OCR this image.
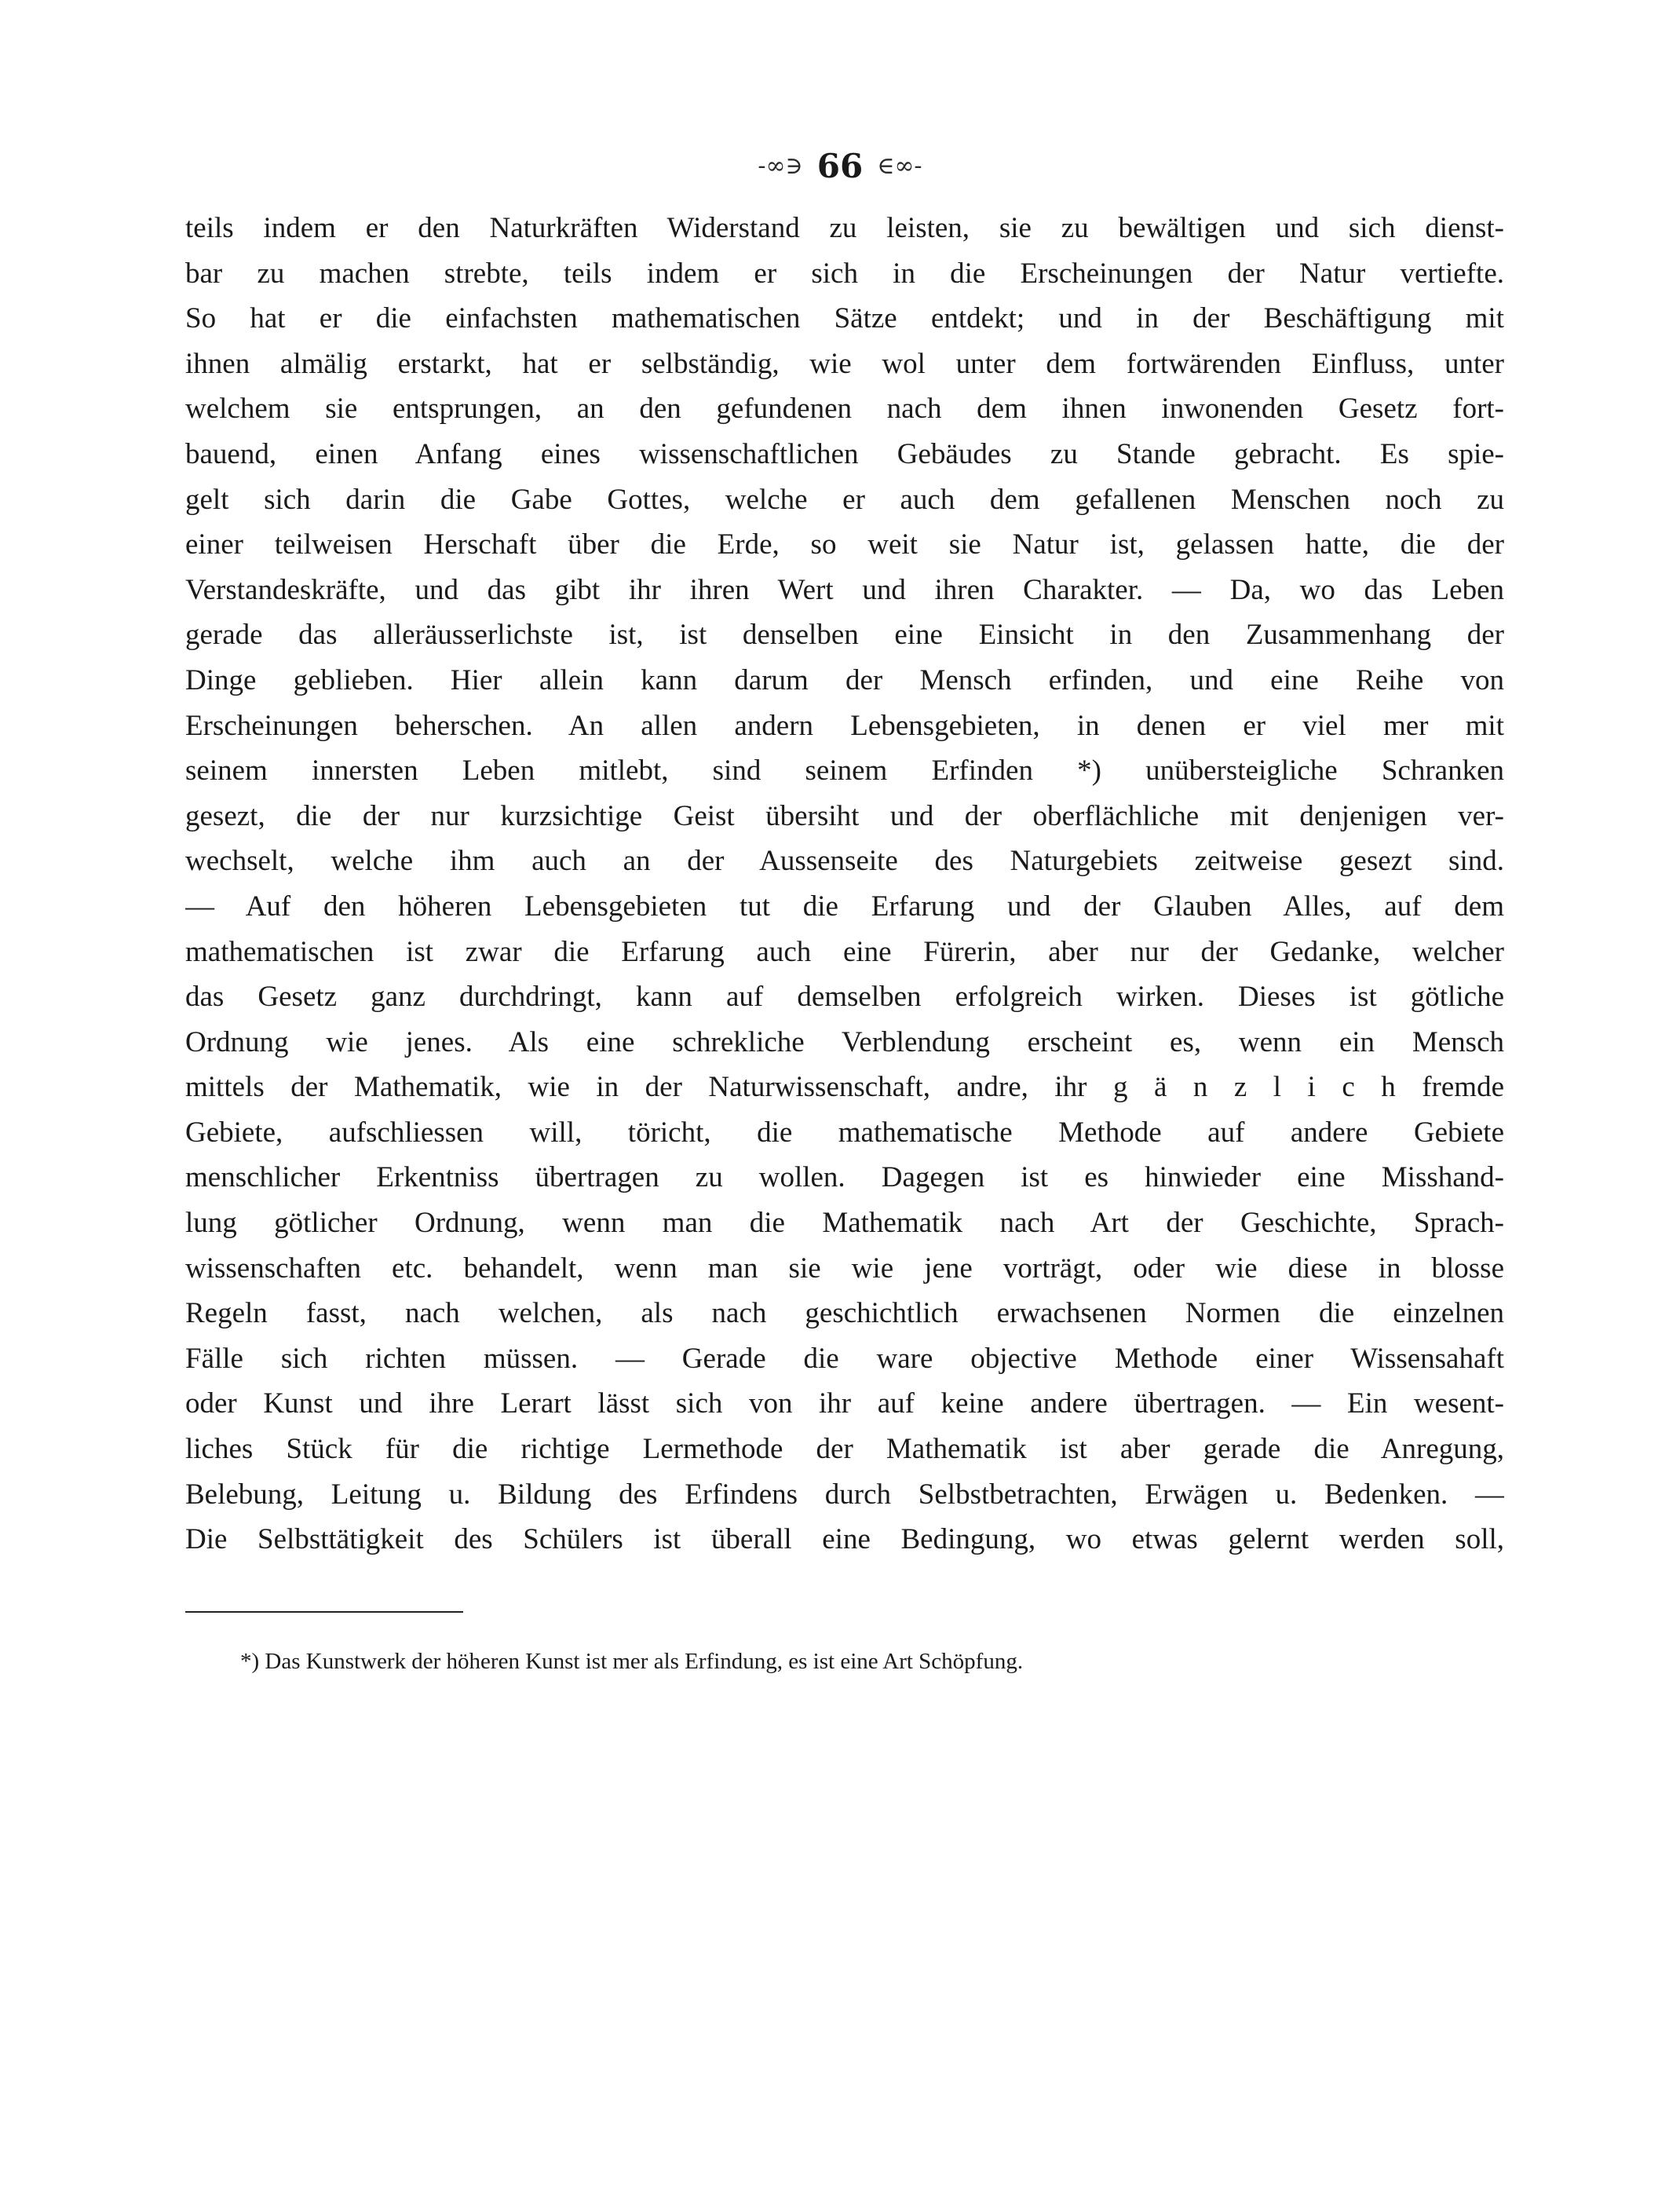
-∞∋ 66 ∈∞-
teils indem er den Naturkräften Widerstand zu leisten, sie zu bewältigen und sich dienst-
bar zu machen strebte, teils indem er sich in die Erscheinungen der Natur vertiefte.
So hat er die einfachsten mathematischen Sätze entdekt; und in der Beschäftigung mit
ihnen almälig erstarkt, hat er selbständig, wie wol unter dem fortwärenden Einfluss, unter
welchem sie entsprungen, an den gefundenen nach dem ihnen inwonenden Gesetz fort-
bauend, einen Anfang eines wissenschaftlichen Gebäudes zu Stande gebracht. Es spie-
gelt sich darin die Gabe Gottes, welche er auch dem gefallenen Menschen noch zu
einer teilweisen Herschaft über die Erde, so weit sie Natur ist, gelassen hatte, die der
Verstandeskräfte, und das gibt ihr ihren Wert und ihren Charakter. — Da, wo das Leben
gerade das alleräusserlichste ist, ist denselben eine Einsicht in den Zusammenhang der
Dinge geblieben. Hier allein kann darum der Mensch erfinden, und eine Reihe von
Erscheinungen beherschen. An allen andern Lebensgebieten, in denen er viel mer mit
seinem innersten Leben mitlebt, sind seinem Erfinden *) unübersteigliche Schranken
gesezt, die der nur kurzsichtige Geist übersiht und der oberflächliche mit denjenigen ver-
wechselt, welche ihm auch an der Aussenseite des Naturgebiets zeitweise gesezt sind.
— Auf den höheren Lebensgebieten tut die Erfarung und der Glauben Alles, auf dem
mathematischen ist zwar die Erfarung auch eine Fürerin, aber nur der Gedanke, welcher
das Gesetz ganz durchdringt, kann auf demselben erfolgreich wirken. Dieses ist götliche
Ordnung wie jenes. Als eine schrekliche Verblendung erscheint es, wenn ein Mensch
mittels der Mathematik, wie in der Naturwissenschaft, andre, ihr g ä n z l i c h fremde
Gebiete, aufschliessen will, töricht, die mathematische Methode auf andere Gebiete
menschlicher Erkentniss übertragen zu wollen. Dagegen ist es hinwieder eine Misshand-
lung götlicher Ordnung, wenn man die Mathematik nach Art der Geschichte, Sprach-
wissenschaften etc. behandelt, wenn man sie wie jene vorträgt, oder wie diese in blosse
Regeln fasst, nach welchen, als nach geschichtlich erwachsenen Normen die einzelnen
Fälle sich richten müssen. — Gerade die ware objective Methode einer Wissensahaft
oder Kunst und ihre Lerart lässt sich von ihr auf keine andere übertragen. — Ein wesent-
liches Stück für die richtige Lermethode der Mathematik ist aber gerade die Anregung,
Belebung, Leitung u. Bildung des Erfindens durch Selbstbetrachten, Erwägen u. Bedenken. —
Die Selbsttätigkeit des Schülers ist überall eine Bedingung, wo etwas gelernt werden soll,
*) Das Kunstwerk der höheren Kunst ist mer als Erfindung, es ist eine Art Schöpfung.
